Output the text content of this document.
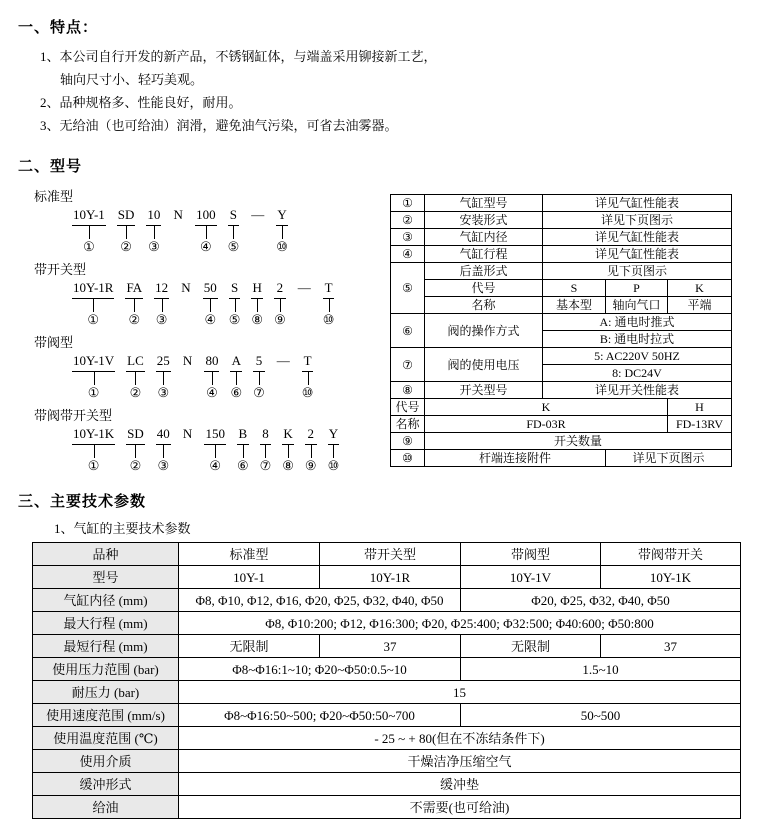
一、特点：
1、本公司自行开发的新产品，不锈钢缸体，与端盖采用铆接新工艺，
轴向尺寸小、轻巧美观。
2、品种规格多、性能良好，耐用。
3、无给油（也可给油）润滑，避免油气污染，可省去油雾器。
二、型号
标准型
10Y-1
①
SD
②
10
③
N 100
④
S
⑤
— Y
⑩
带开关型
10Y-1R
①
FA
②
12
③
N 50
④
S
⑤
H
⑧
2
⑨
— T
⑩
带阀型
10Y-1V
①
LC
②
25
③
N 80
④
A
⑥
5
⑦
— T
⑩
带阀带开关型
10Y-1K
①
SD
②
40
③
N 150
④
B
⑥
8
⑦
K
⑧
2
⑨
Y
⑩
①	气缸型号	详见气缸性能表		
②	安装形式	详见下页图示		
③	气缸内径	详见气缸性能表		
④	气缸行程	详见气缸性能表		
⑤	后盖形式	见下页图示		
	代号	S	P	K
	名称	基本型	轴向气口	平端
⑥	阀的操作方式	A: 通电时推式		
		B: 通电时拉式		
⑦	阀的使用电压	5: AC220V 50HZ		
		8: DC24V		
⑧	开关型号	详见开关性能表		
代号	K			H
名称	FD-03R			FD-13RV
⑨	开关数量			
⑩	杆端连接附件		详见下页图示	
三、主要技术参数
1、气缸的主要技术参数
品种	标准型	带开关型	带阀型	带阀带开关
型号	10Y-1	10Y-1R	10Y-1V	10Y-1K
气缸内径 (mm)	Φ8, Φ10, Φ12, Φ16, Φ20, Φ25, Φ32, Φ40, Φ50		Φ20, Φ25, Φ32, Φ40, Φ50	
最大行程 (mm)	Φ8, Φ10:200; Φ12, Φ16:300; Φ20, Φ25:400; Φ32:500; Φ40:600; Φ50:800			
最短行程 (mm)	无限制	37	无限制	37
使用压力范围 (bar)	Φ8~Φ16:1~10; Φ20~Φ50:0.5~10		1.5~10	
耐压力 (bar)	15			
使用速度范围 (mm/s)	Φ8~Φ16:50~500; Φ20~Φ50:50~700		50~500	
使用温度范围 (℃)	- 25 ~ + 80(但在不冻结条件下)			
使用介质	干燥洁净压缩空气			
缓冲形式	缓冲垫			
给油	不需要(也可给油)			
